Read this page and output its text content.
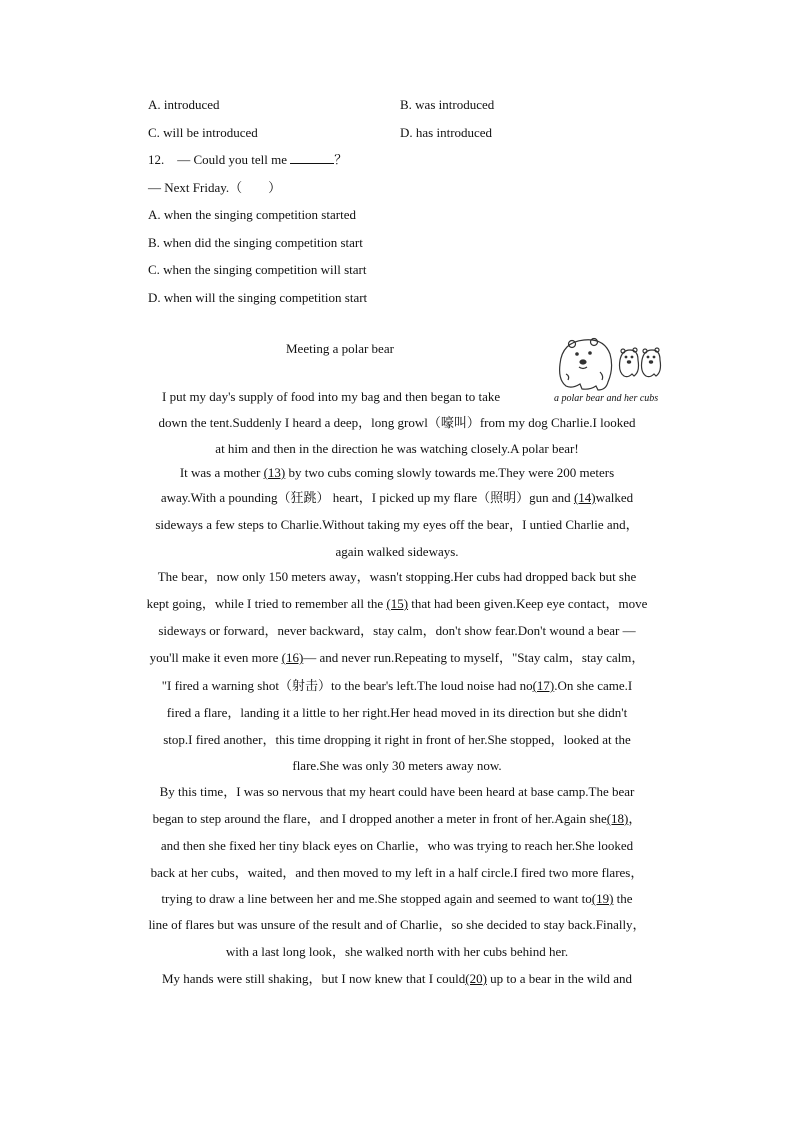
A. introduced	B. was introduced
C. will be introduced	D. has introduced
12.　— Could you tell me	？
— Next Friday.（　　）
A. when the singing competition started
B. when did the singing competition start
C. when the singing competition will start
D. when will the singing competition start
Meeting a polar bear
a polar bear and her cubs
I put my day's supply of food into my bag and then began to take
down the tent.Suddenly I heard a deep，long growl（嚎叫）from my dog Charlie.I looked
at him and then in the direction he was watching closely.A polar bear!
It was a mother (13) by two cubs coming slowly towards me.They were 200 meters
away.With a pounding（狂跳） heart，I picked up my flare（照明）gun and (14)walked
sideways a few steps to Charlie.Without taking my eyes off the bear，I untied Charlie and，
again walked sideways.
The bear，now only 150 meters away，wasn't stopping.Her cubs had dropped back but she
kept going，while I tried to remember all the (15) that had been given.Keep eye contact，move
sideways or forward，never backward，stay calm，don't show fear.Don't wound a bear —
you'll make it even more (16)— and never run.Repeating to myself，"Stay calm，stay calm，
"I fired a warning shot（射击）to the bear's left.The loud noise had no(17).On she came.I
fired a flare，landing it a little to her right.Her head moved in its direction but she didn't
stop.I fired another，this time dropping it right in front of her.She stopped，looked at the
flare.She was only 30 meters away now.
By this time，I was so nervous that my heart could have been heard at base camp.The bear
began to step around the flare，and I dropped another a meter in front of her.Again she(18)，
and then she fixed her tiny black eyes on Charlie，who was trying to reach her.She looked
back at her cubs，waited，and then moved to my left in a half circle.I fired two more flares，
trying to draw a line between her and me.She stopped again and seemed to want to(19) the
line of flares but was unsure of the result and of Charlie，so she decided to stay back.Finally，
with a last long look，she walked north with her cubs behind her.
My hands were still shaking，but I now knew that I could(20) up to a bear in the wild and
